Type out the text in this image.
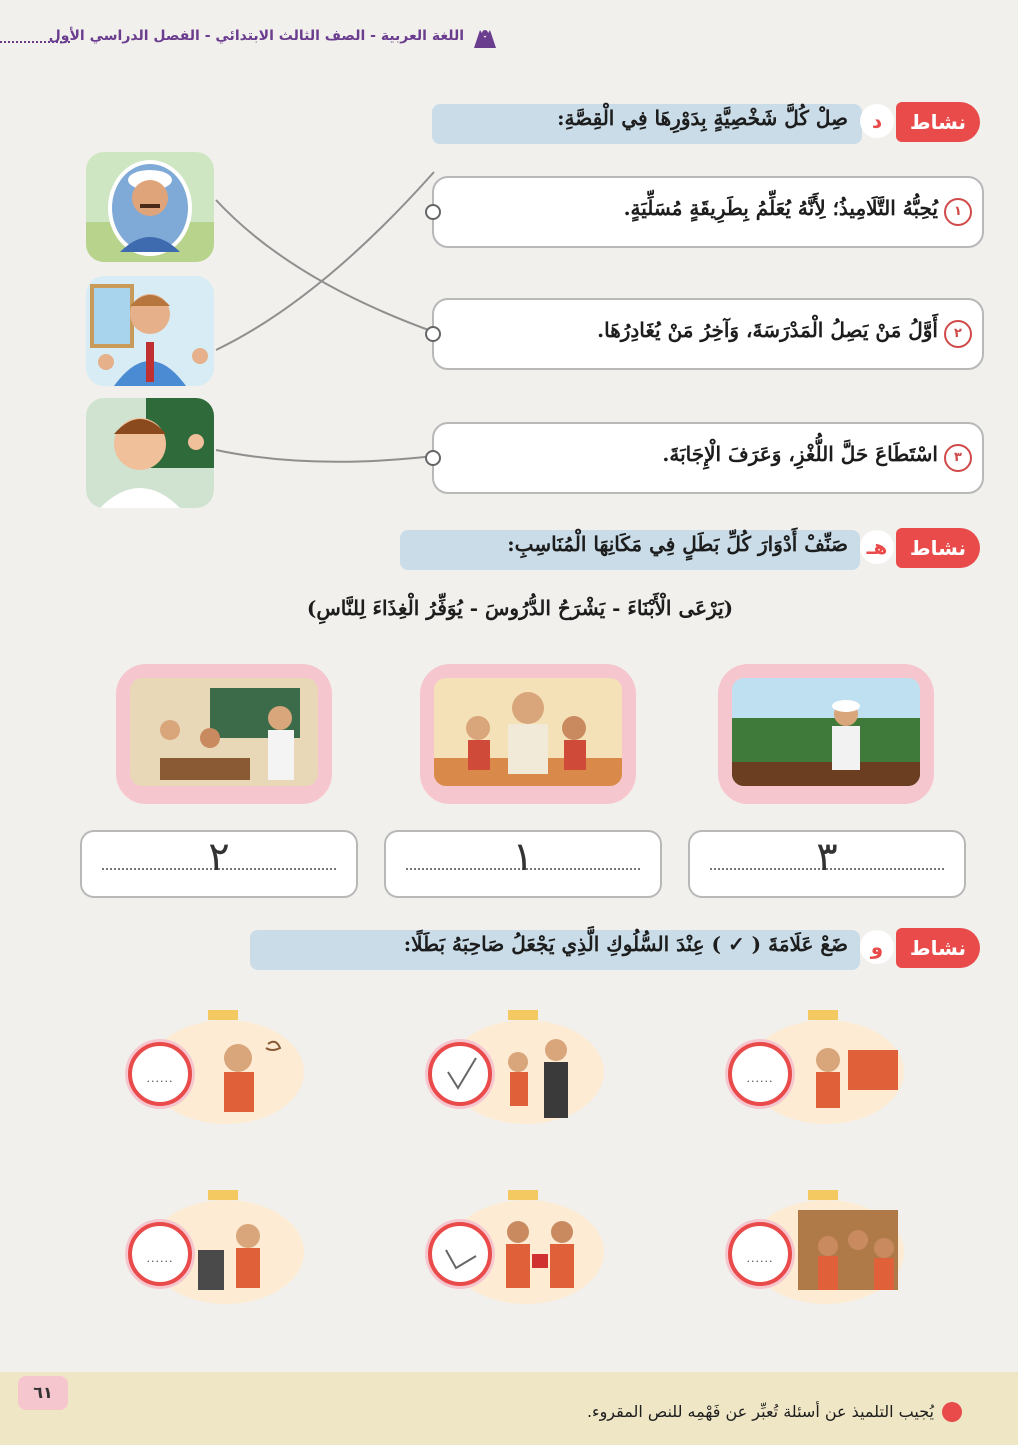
اللغة العربية - الصف الثالث الابتدائي - الفصل الدراسي الأول
نشاط
د
صِلْ كُلَّ شَخْصِيَّةٍ بِدَوْرِهَا فِي الْقِصَّةِ:
١
يُحِبُّهُ التَّلَامِيذُ؛ لِأَنَّهُ يُعَلِّمُ بِطَرِيقَةٍ مُسَلِّيَةٍ.
٢
أَوَّلُ مَنْ يَصِلُ الْمَدْرَسَةَ، وَآخِرُ مَنْ يُغَادِرُهَا.
٣
اسْتَطَاعَ حَلَّ اللُّغْزِ، وَعَرَفَ الْإِجَابَةَ.
نشاط
هـ
صَنِّفْ أَدْوَارَ كُلِّ بَطَلٍ فِي مَكَانِهَا الْمُنَاسِبِ:
(يَرْعَى الْأَبْنَاءَ - يَشْرَحُ الدُّرُوسَ - يُوَفِّرُ الْغِذَاءَ لِلنَّاسِ)
٢	١	٣
نشاط
و
ضَعْ عَلَامَةَ ( ✓ ) عِنْدَ السُّلُوكِ الَّذِي يَجْعَلُ صَاحِبَهُ بَطَلًا:
......	......
......	......
٦١
يُجيب التلميذ عن أسئلة تُعبِّر عن فَهْمِه للنص المقروء.
